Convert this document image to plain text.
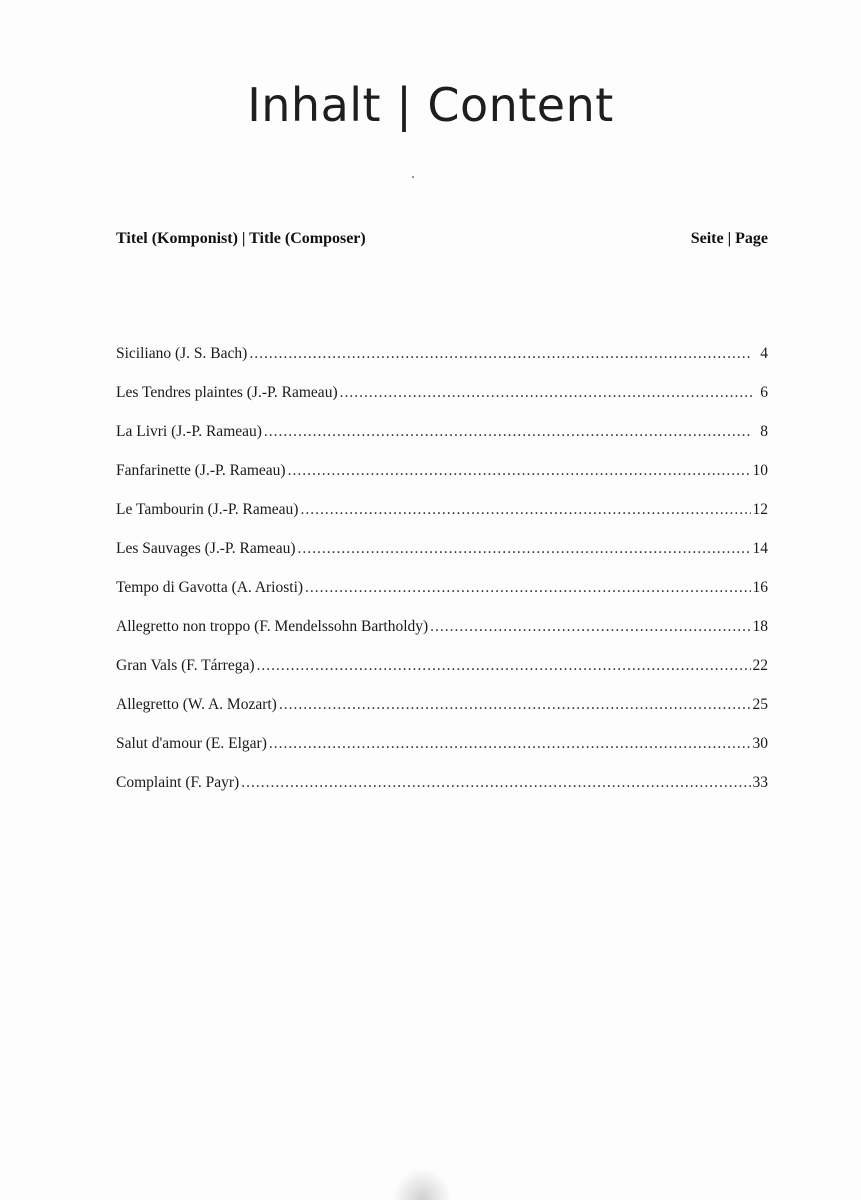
Inhalt | Content
Titel (Komponist) | Title (Composer)	Seite | Page
Siciliano (J. S. Bach) .....	4
Les Tendres plaintes (J.-P. Rameau) .....	6
La Livri (J.-P. Rameau) .....	8
Fanfarinette (J.-P. Rameau) .....	10
Le Tambourin (J.-P. Rameau) .....	12
Les Sauvages (J.-P. Rameau) .....	14
Tempo di Gavotta (A. Ariosti) .....	16
Allegretto non troppo (F. Mendelssohn Bartholdy) .....	18
Gran Vals (F. Tárrega) .....	22
Allegretto (W. A. Mozart) .....	25
Salut d'amour (E. Elgar) .....	30
Complaint (F. Payr) .....	33
